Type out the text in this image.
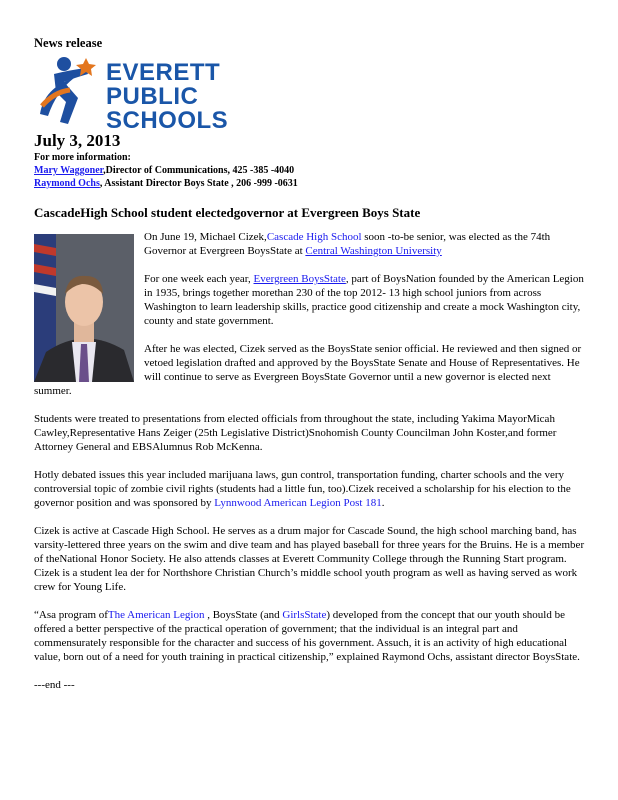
News release
EVERETT
PUBLIC
SCHOOLS
July 3, 2013
For more information:
Mary Waggoner,Director of Communications, 425 -385 -4040
Raymond Ochs, Assistant Director Boys State , 206 -999 -0631
CascadeHigh School student electedgovernor at Evergreen Boys State

On June 19, Michael Cizek,Cascade High School soon -to-be senior, was elected as the 74th Governor at Evergreen BoysState at Central Washington University

For one week each year, Evergreen BoysState, part of BoysNation founded by the American Legion in 1935, brings together morethan 230 of the top 2012- 13 high school juniors from across Washington to learn leadership skills, practice good citizenship and create a mock Washington city, county and state government.

After he was elected, Cizek served as the BoysState senior official. He reviewed and then signed or vetoed legislation drafted and approved by the BoysState Senate and House of Representatives. He will continue to serve as Evergreen BoysState Governor until a new governor is elected next summer.

Students were treated to presentations from elected officials from throughout the state, including Yakima MayorMicah Cawley,Representative Hans Zeiger (25th Legislative District)Snohomish County Councilman John Koster,and former Attorney General and EBSAlumnus Rob McKenna.

Hotly debated issues this year included marijuana laws, gun control, transportation funding, charter schools and the very controversial topic of zombie civil rights (students had a little fun, too).Cizek received a scholarship for his election to the governor position and was sponsored by Lynnwood American Legion Post 181.

Cizek is active at Cascade High School. He serves as a drum major for Cascade Sound, the high school marching band, has varsity-lettered three years on the swim and dive team and has played baseball for three years for the Bruins. He is a member of theNational Honor Society. He also attends classes at Everett Community College through the Running Start program. Cizek is a student lea der for Northshore Christian Church’s middle school youth program as well as having served as work crew for Young Life.

“Asa program ofThe American Legion , BoysState (and GirlsState) developed from the concept that our youth should be offered a better perspective of the practical operation of government; that the individual is an integral part and commensurately responsible for the character and success of his government. Assuch, it is an activity of high educational value, born out of a need for youth training in practical citizenship,” explained Raymond Ochs, assistant director BoysState.

---end ---
